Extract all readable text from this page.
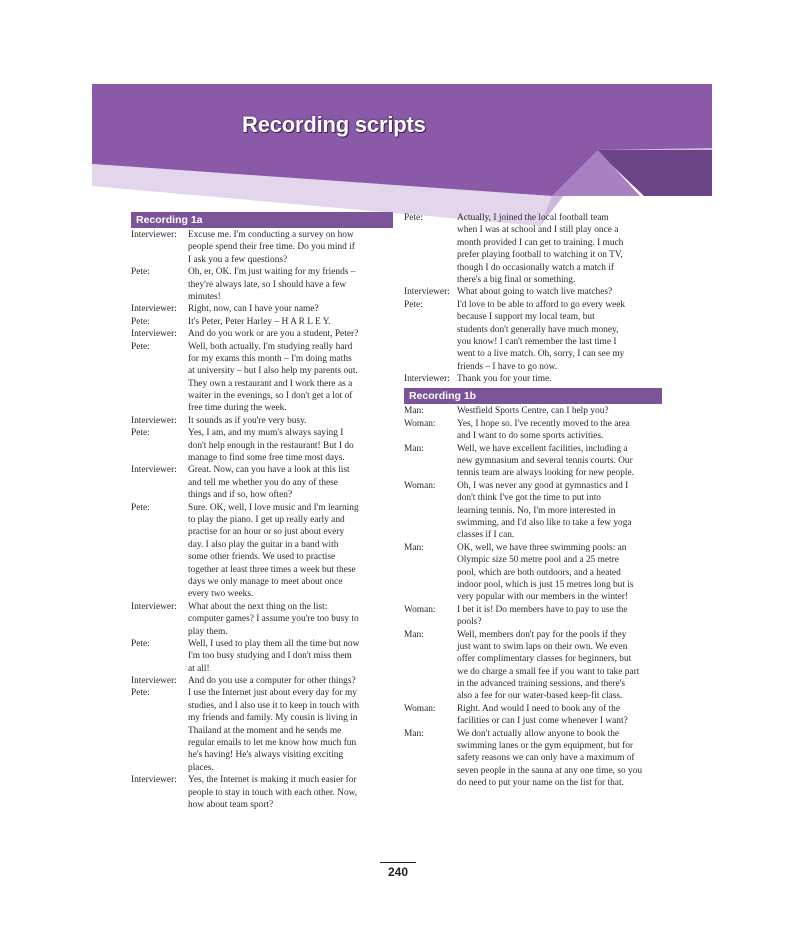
Recording scripts
Recording 1a
Interviewer: Excuse me. I'm conducting a survey on how
people spend their free time. Do you mind if
I ask you a few questions?
Pete:	Oh, er, OK. I'm just waiting for my friends –
they're always late, so I should have a few
minutes!
Interviewer: Right, now, can I have your name?
Pete:	It's Peter, Peter Harley – H A R L E Y.
Interviewer: And do you work or are you a student, Peter?
Pete:	Well, both actually. I'm studying really hard
for my exams this month – I'm doing maths
at university – but I also help my parents out.
They own a restaurant and I work there as a
waiter in the evenings, so I don't get a lot of
free time during the week.
Interviewer: It sounds as if you're very busy.
Pete:	Yes, I am, and my mum's always saying I
don't help enough in the restaurant! But I do
manage to find some free time most days.
Interviewer: Great. Now, can you have a look at this list
and tell me whether you do any of these
things and if so, how often?
Pete:	Sure. OK, well, I love music and I'm learning
to play the piano. I get up really early and
practise for an hour or so just about every
day. I also play the guitar in a band with
some other friends. We used to practise
together at least three times a week but these
days we only manage to meet about once
every two weeks.
Interviewer: What about the next thing on the list:
computer games? I assume you're too busy to
play them.
Pete:	Well, I used to play them all the time but now
I'm too busy studying and I don't miss them
at all!
Interviewer: And do you use a computer for other things?
Pete:	I use the Internet just about every day for my
studies, and I also use it to keep in touch with
my friends and family. My cousin is living in
Thailand at the moment and he sends me
regular emails to let me know how much fun
he's having! He's always visiting exciting
places.
Interviewer: Yes, the Internet is making it much easier for
people to stay in touch with each other. Now,
how about team sport?
Pete:	Actually, I joined the local football team
when I was at school and I still play once a
month provided I can get to training. I much
prefer playing football to watching it on TV,
though I do occasionally watch a match if
there's a big final or something.
Interviewer: What about going to watch live matches?
Pete:	I'd love to be able to afford to go every week
because I support my local team, but
students don't generally have much money,
you know! I can't remember the last time I
went to a live match. Oh, sorry, I can see my
friends – I have to go now.
Interviewer: Thank you for your time.
Recording 1b
Man:	Westfield Sports Centre, can I help you?
Woman: Yes, I hope so. I've recently moved to the area
and I want to do some sports activities.
Man:	Well, we have excellent facilities, including a
new gymnasium and several tennis courts. Our
tennis team are always looking for new people.
Woman: Oh, I was never any good at gymnastics and I
don't think I've got the time to put into
learning tennis. No, I'm more interested in
swimming, and I'd also like to take a few yoga
classes if I can.
Man:	OK, well, we have three swimming pools: an
Olympic size 50 metre pool and a 25 metre
pool, which are both outdoors, and a heated
indoor pool, which is just 15 metres long but is
very popular with our members in the winter!
Woman: I bet it is! Do members have to pay to use the
pools?
Man:	Well, members don't pay for the pools if they
just want to swim laps on their own. We even
offer complimentary classes for beginners, but
we do charge a small fee if you want to take part
in the advanced training sessions, and there's
also a fee for our water-based keep-fit class.
Woman: Right. And would I need to book any of the
facilities or can I just come whenever I want?
Man:	We don't actually allow anyone to book the
swimming lanes or the gym equipment, but for
safety reasons we can only have a maximum of
seven people in the sauna at any one time, so you
do need to put your name on the list for that.
240
